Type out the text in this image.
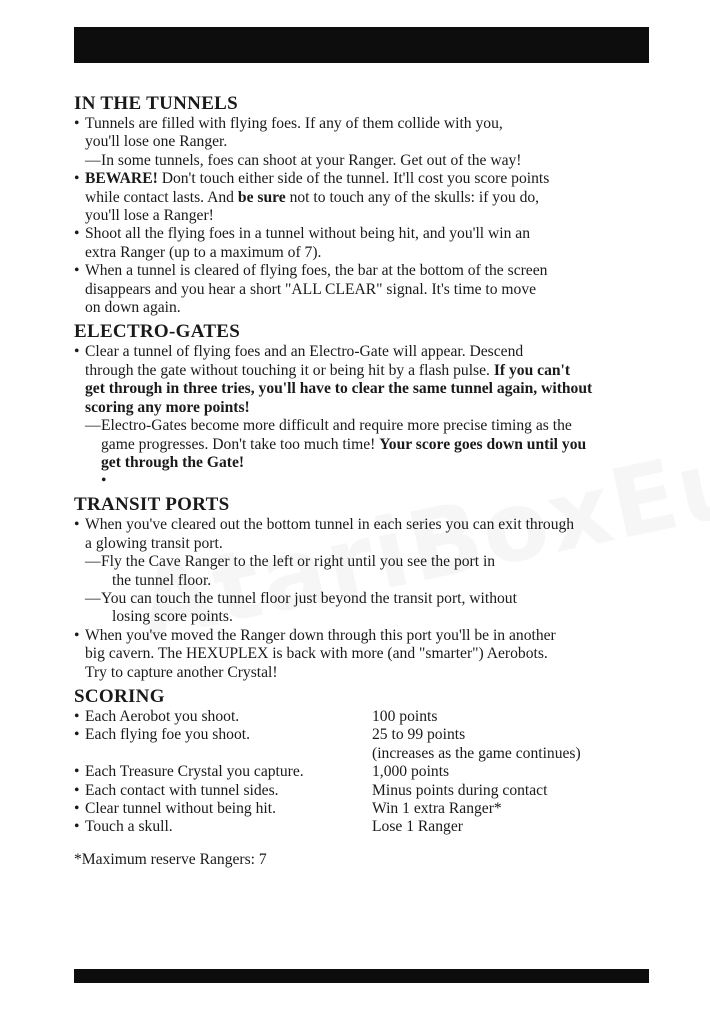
IN THE TUNNELS
• Tunnels are filled with flying foes. If any of them collide with you,
you'll lose one Ranger.
— In some tunnels, foes can shoot at your Ranger. Get out of the way!
• BEWARE! Don't touch either side of the tunnel. It'll cost you score points
while contact lasts. And be sure not to touch any of the skulls: if you do,
you'll lose a Ranger!
• Shoot all the flying foes in a tunnel without being hit, and you'll win an
extra Ranger (up to a maximum of 7).
• When a tunnel is cleared of flying foes, the bar at the bottom of the screen
disappears and you hear a short "ALL CLEAR" signal. It's time to move
on down again.
ELECTRO-GATES
• Clear a tunnel of flying foes and an Electro-Gate will appear. Descend
through the gate without touching it or being hit by a flash pulse. If you can't
get through in three tries, you'll have to clear the same tunnel again, without
scoring any more points!
— Electro-Gates become more difficult and require more precise timing as the
game progresses. Don't take too much time! Your score goes down until you
get through the Gate!
•
TRANSIT PORTS
• When you've cleared out the bottom tunnel in each series you can exit through
a glowing transit port.
— Fly the Cave Ranger to the left or right until you see the port in
the tunnel floor.
— You can touch the tunnel floor just beyond the transit port, without
losing score points.
• When you've moved the Ranger down through this port you'll be in another
big cavern. The HEXUPLEX is back with more (and "smarter") Aerobots.
Try to capture another Crystal!
SCORING
• Each Aerobot you shoot.	100 points
• Each flying foe you shoot.	25 to 99 points
(increases as the game continues)
• Each Treasure Crystal you capture.	1,000 points
• Each contact with tunnel sides.	Minus points during contact
• Clear tunnel without being hit.	Win 1 extra Ranger*
• Touch a skull.	Lose 1 Ranger
*Maximum reserve Rangers: 7
